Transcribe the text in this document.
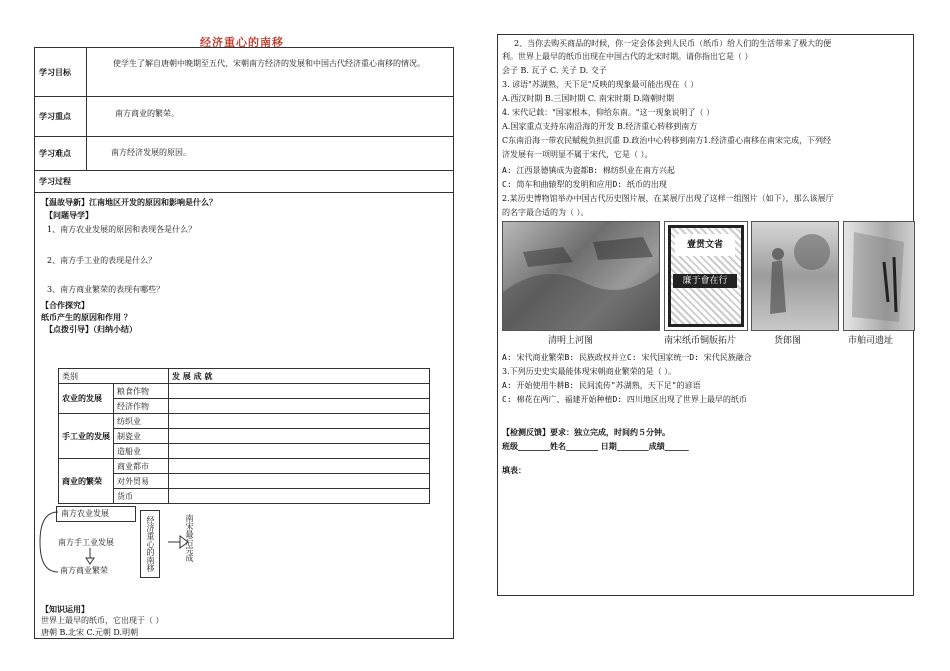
经济重心的南移
学习目标
使学生了解自唐朝中晚期至五代、宋朝南方经济的发展和中国古代经济重心南移的情况。
学习重点	南方商业的繁荣。
学习难点	南方经济发展的原因。
学习过程
【温故导新】江南地区开发的原因和影响是什么？
【问题导学】
1、南方农业发展的原因和表现各是什么？
2、南方手工业的表现是什么？
3、南方商业繁荣的表现有哪些？
【合作探究】
纸币产生的原因和作用 ？
【点拨引导】（归纳小结）
【知识运用】
世界上最早的纸币，它出现于（ ）
唐朝 B.北宋 C.元朝 D.明朝
类别		发 展 成 就
农业的发展	粮食作物	
	经济作物	
手工业的发展	纺织业	
	制瓷业	
	造船业	
商业的繁荣	商业都市	
	对外贸易	
	货币	
南方农业发展
南方手工业发展
南方商业繁荣	经济重心的南移	南宋最后完成
2、当你去购买商品的时候，你一定会体会到人民币（纸币）给人们的生活带来了极大的便
利。世界上最早的纸币出现在中国古代的北宋时期。请你指出它是（ ）
会子 B. 瓦子 C. 关子 D. 交子
3. 谚语"苏湖熟，天下足"反映的现象最可能出现在（ ）
A.西汉时期 B.三国时期 C. 南宋时期 D.隋朝时期
4. 宋代记载："国家根本，仰给东南。"这一现象说明了（ ）
A.国家重点支持东南沿海的开发 B.经济重心转移到南方
C东南沿海一带农民赋税负担沉重 D.政治中心转移到南方1.经济重心南移在南宋完成，下列经
济发展有一项明显不属于宋代，它是（ ）。
A: 江西景德镇成为瓷都B: 棉纺织业在南方兴起
C: 筒车和曲辕犁的发明和应用D: 纸币的出现
2.某历史博物馆举办中国古代历史图片展，在某展厅出现了这样一组图片（如下），那么该展厅
的名字最合适的为（ ）。
清明上河图
壹贯文省
廉于會在行
南宋纸币铜版拓片	货郎图	市舶司遗址
A: 宋代商业繁荣B: 民族政权并立C: 宋代国家统一D: 宋代民族融合
3.下列历史史实最能体现宋朝商业繁荣的是（ ）。
A: 开始使用牛耕B: 民间流传"苏湖熟，天下足"的谚语
C: 棉花在两广、福建开始种植D: 四川地区出现了世界上最早的纸币
【检测反馈】要求：独立完成，时间约５分钟。
班级________姓名________ 日期________成绩______
填表：
